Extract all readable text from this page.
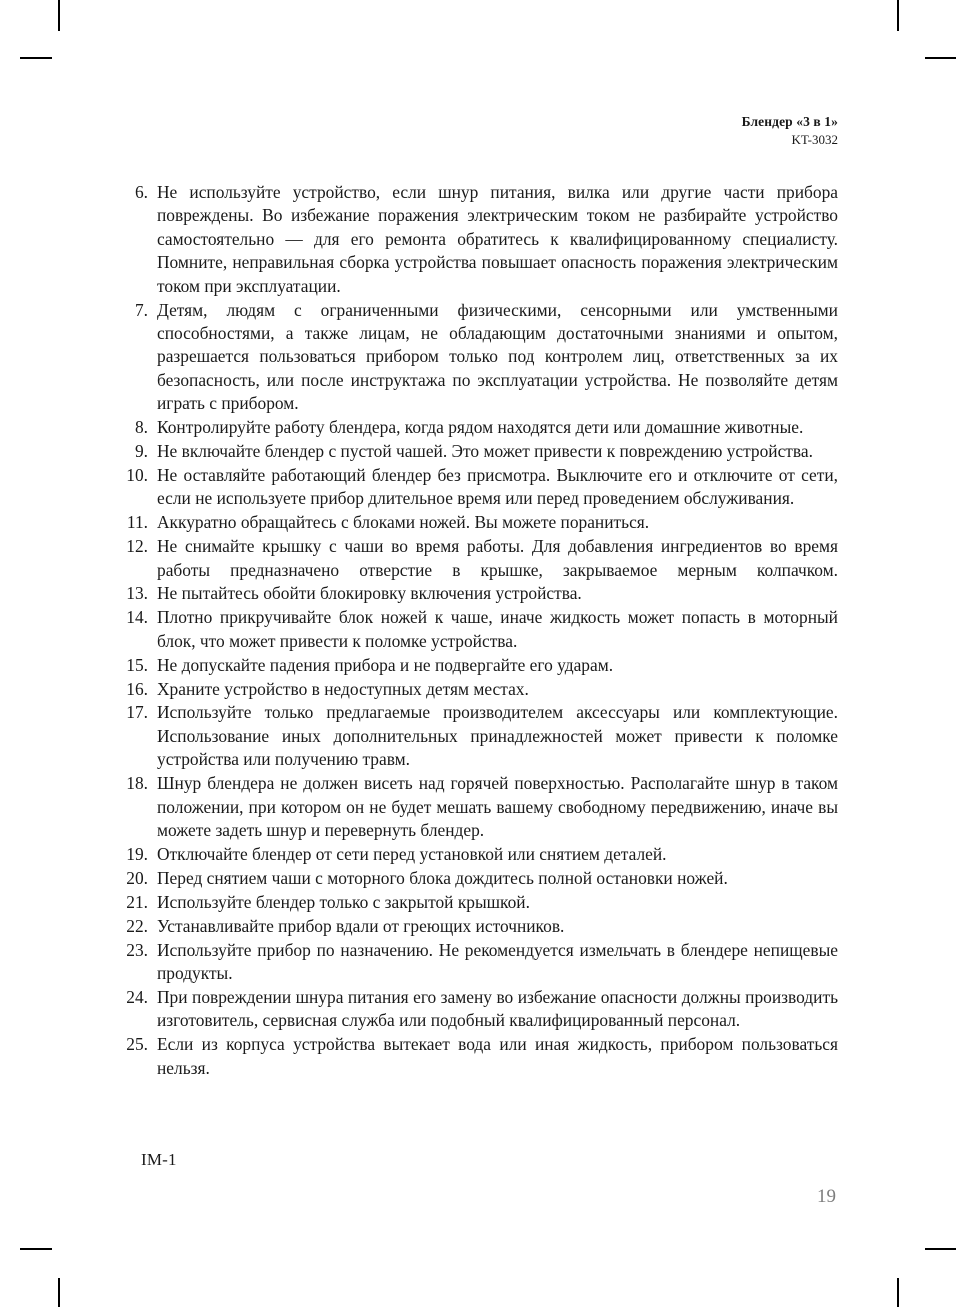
Блендер «3 в 1»
KT-3032
6. Не используйте устройство, если шнур питания, вилка или другие части прибора повреждены. Во избежание поражения электрическим током не разбирайте устройство самостоятельно — для его ремонта обратитесь к квалифицированному специалисту. Помните, неправильная сборка устройства повышает опасность поражения электрическим током при эксплуатации.
7. Детям, людям с ограниченными физическими, сенсорными или умственными способностями, а также лицам, не обладающим достаточными знаниями и опытом, разрешается пользоваться прибором только под контролем лиц, ответственных за их безопасность, или после инструктажа по эксплуатации устройства. Не позволяйте детям играть с прибором.
8. Контролируйте работу блендера, когда рядом находятся дети или домашние животные.
9. Не включайте блендер с пустой чашей. Это может привести к повреждению устройства.
10. Не оставляйте работающий блендер без присмотра. Выключите его и отключите от сети, если не используете прибор длительное время или перед проведением обслуживания.
11. Аккуратно обращайтесь с блоками ножей. Вы можете пораниться.
12. Не снимайте крышку с чаши во время работы. Для добавления ингредиентов во время работы предназначено отверстие в крышке, закрываемое мерным колпачком.
13. Не пытайтесь обойти блокировку включения устройства.
14. Плотно прикручивайте блок ножей к чаше, иначе жидкость может попасть в моторный блок, что может привести к поломке устройства.
15. Не допускайте падения прибора и не подвергайте его ударам.
16. Храните устройство в недоступных детям местах.
17. Используйте только предлагаемые производителем аксессуары или комплектующие. Использование иных дополнительных принадлежностей может привести к поломке устройства или получению травм.
18. Шнур блендера не должен висеть над горячей поверхностью. Располагайте шнур в таком положении, при котором он не будет мешать вашему свободному передвижению, иначе вы можете задеть шнур и перевернуть блендер.
19. Отключайте блендер от сети перед установкой или снятием деталей.
20. Перед снятием чаши с моторного блока дождитесь полной остановки ножей.
21. Используйте блендер только с закрытой крышкой.
22. Устанавливайте прибор вдали от греющих источников.
23. Используйте прибор по назначению. Не рекомендуется измельчать в блендере непищевые продукты.
24. При повреждении шнура питания его замену во избежание опасности должны производить изготовитель, сервисная служба или подобный квалифицированный персонал.
25. Если из корпуса устройства вытекает вода или иная жидкость, прибором пользоваться нельзя.
IM-1
19
